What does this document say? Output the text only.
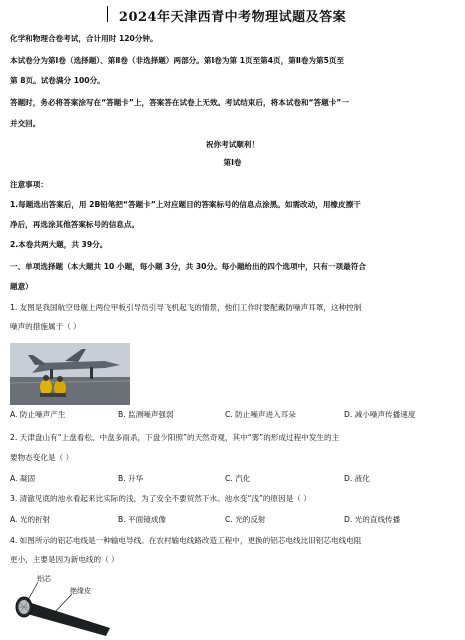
2024年天津西青中考物理试题及答案
化学和物理合卷考试，合计用时 120分钟。
本试卷分为第Ⅰ卷（选择题）、第Ⅱ卷（非选择题）两部分。第Ⅰ卷为第 1页至第4页，第Ⅱ卷为第5页至
第 8页。试卷满分 100分。
答题时，务必将答案涂写在“答题卡”上，答案答在试卷上无效。考试结束后，将本试卷和“答题卡”一
并交回。
祝你考试顺利！
第Ⅰ卷
注意事项：
1.每题选出答案后，用 2B铅笔把“答题卡”上对应题目的答案标号的信息点涂黑。如需改动，用橡皮擦干
净后，再选涂其他答案标号的信息点。
2.本卷共两大题，共 39分。
一、单项选择题（本大题共 10 小题，每小题 3分，共 30分。每小题给出的四个选项中，只有一项最符合
题意）
1. 友图是我国航空母舰上两位甲板引导员引导飞机起飞的情景，他们工作时要配戴防噪声耳罩，这种控制
噪声的措施属于（ ）
A. 防止噪声产生	B. 监测噪声强弱	C. 防止噪声进入耳朵	D. 减小噪声传播速度
2. 天津盘山有“上盘看松、中盘多雨杀，下盘少阳照”的天然奇观，其中“雾”的形成过程中发生的主
要物态变化是（ ）
A. 凝固	B. 升华	C. 汽化	D. 液化
3. 清澈见底的池水看起来比实际的浅，为了安全不要贸然下水。池水变“浅”的原因是（ ）
A. 光的折射	B. 平面镜成像	C. 光的反射	D. 光的直线传播
4. 如图所示的铝芯电线是一种输电导线。在农村输电线路改造工程中，更换的铝芯电线比旧铝芯电线电阻
更小，主要是因为新电线的（ ）
铝芯
绝缘皮
